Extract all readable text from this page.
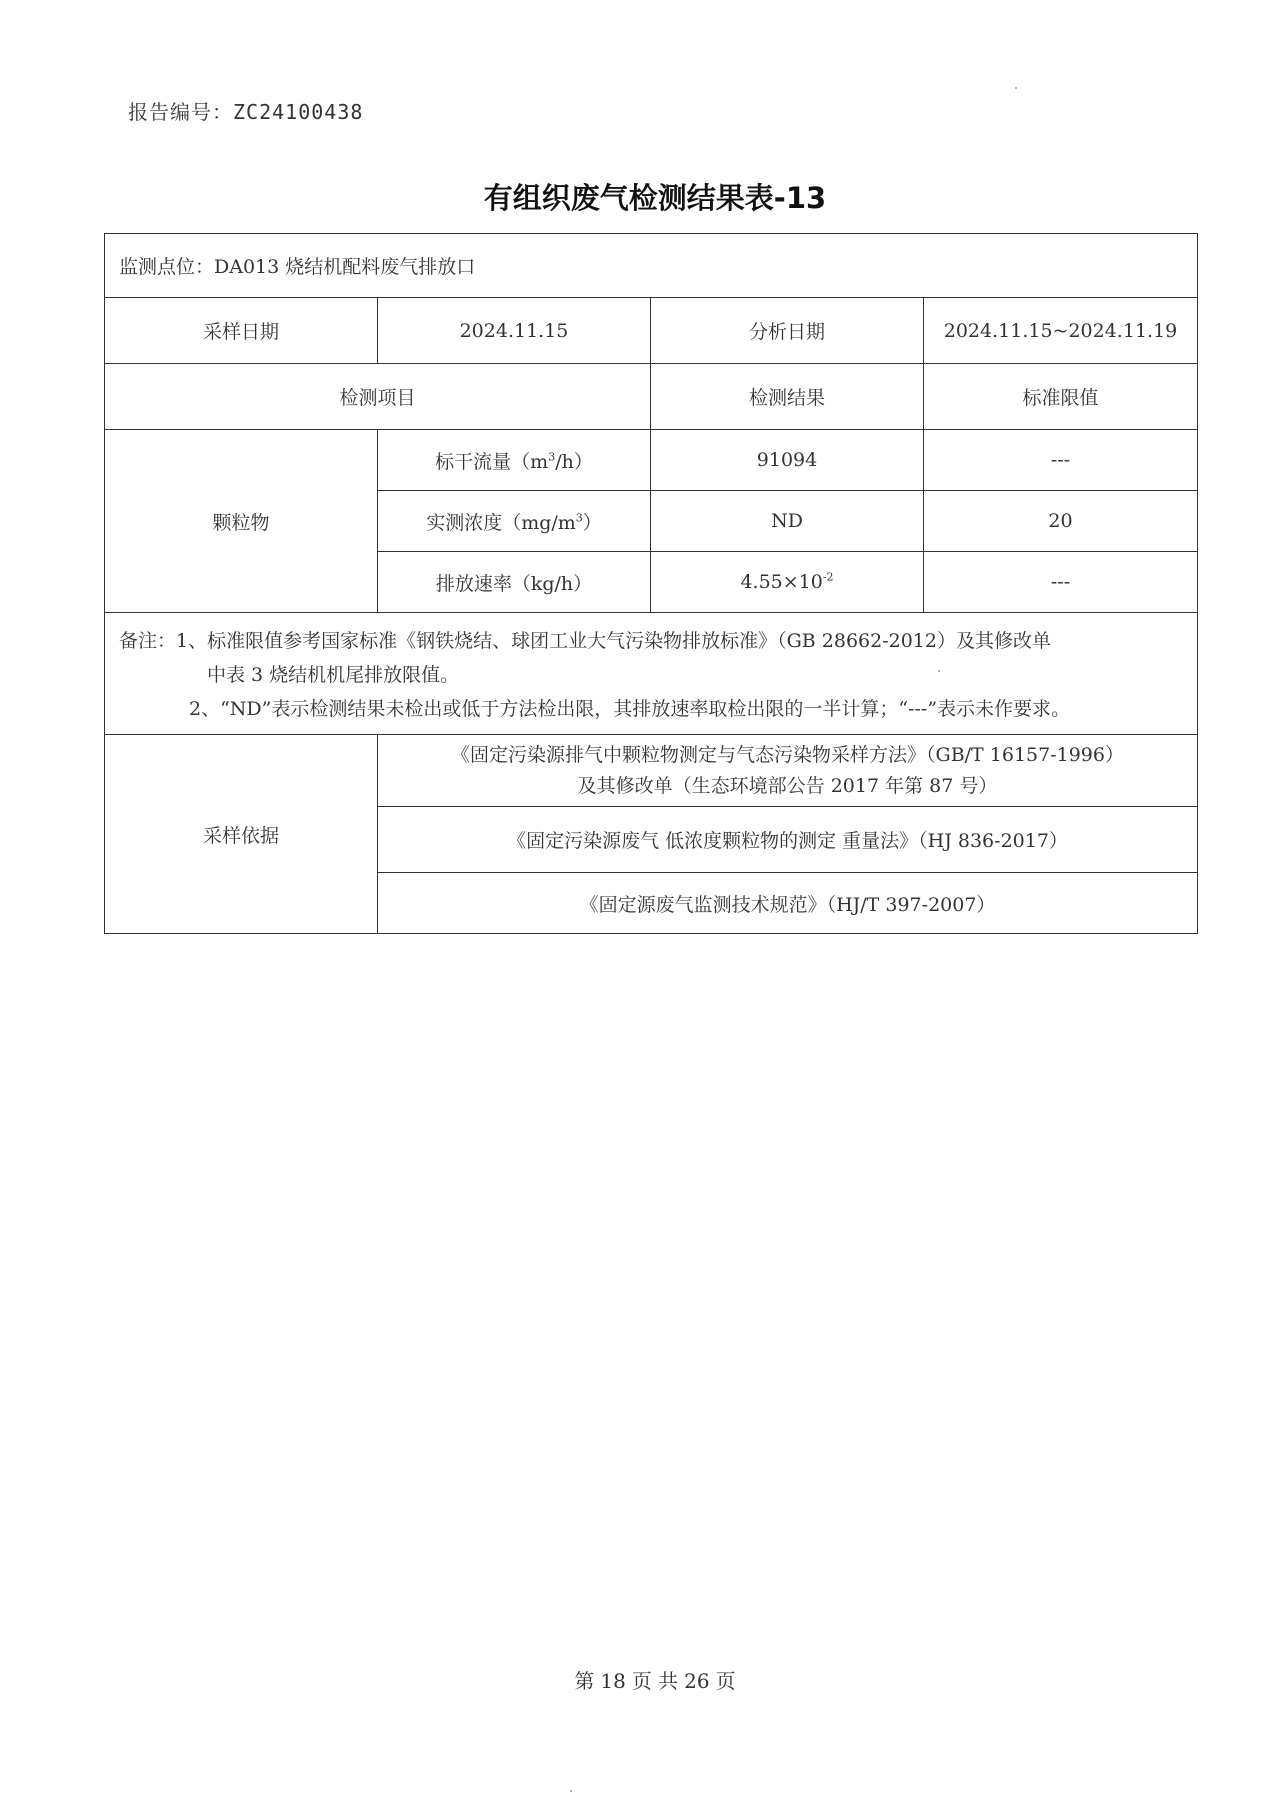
报告编号：ZC24100438
有组织废气检测结果表-13
监测点位：DA013 烧结机配料废气排放口			
采样日期	2024.11.15	分析日期	2024.11.15~2024.11.19
检测项目		检测结果	标准限值
颗粒物	标干流量$(m^3/h)$	91094	---
	实测浓度$(mg/m^3)$	ND	20
	排放速率（kg/h）	$4.55\times 10^{-2}$	---

备注：1、标准限值参考国家标准《钢铁烧结、球团工业大气污染物排放标准》（GB 28662-2012）及其修改单
中表 3 烧结机机尾排放限值。
2、“ND”表示检测结果未检出或低于方法检出限，其排放速率取检出限的一半计算；“---”表示未作要求。			

采样依据	《固定污染源排气中颗粒物测定与气态污染物采样方法》（GB/T 16157-1996）
及其修改单（生态环境部公告 2017 年第 87 号）		

	《固定污染源废气 低浓度颗粒物的测定 重量法》（HJ 836-2017）		
	《固定源废气监测技术规范》（HJ/T 397-2007）		
第 18 页 共 26 页
